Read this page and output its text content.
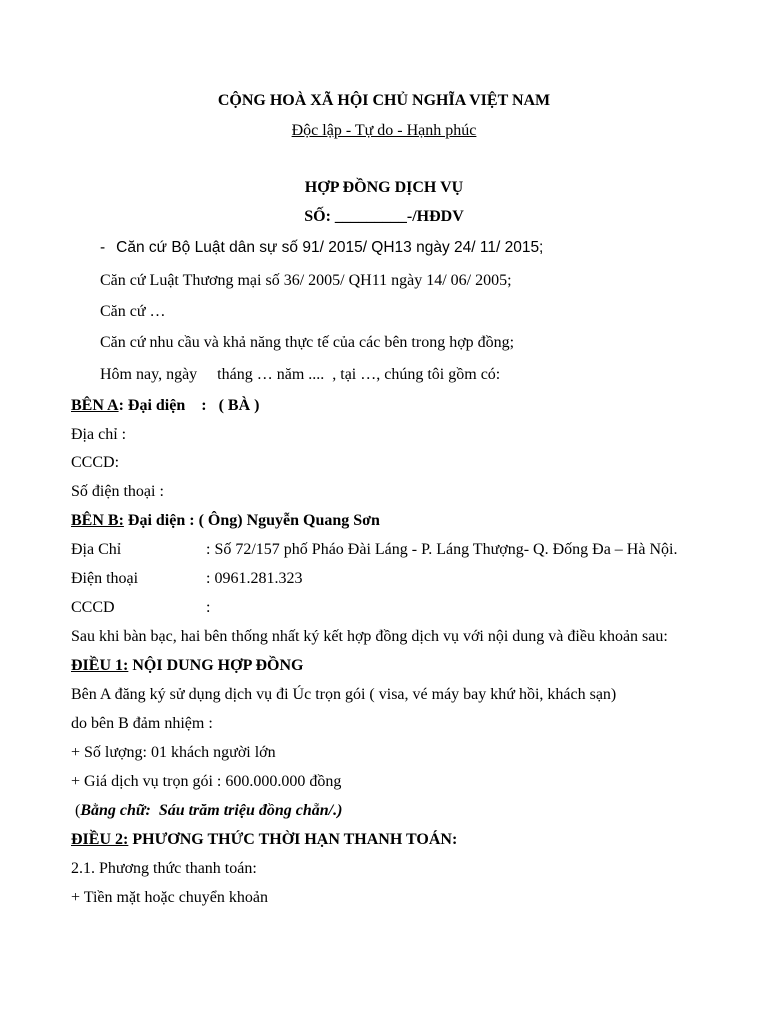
CỘNG HOÀ XÃ HỘI CHỦ NGHĨA VIỆT NAM
Độc lập - Tự do - Hạnh phúc
HỢP ĐỒNG DỊCH VỤ
SỐ: _________-/HĐDV
- Căn cứ Bộ Luật dân sự số 91/ 2015/ QH13 ngày 24/ 11/ 2015;
Căn cứ Luật Thương mại số 36/ 2005/ QH11 ngày 14/ 06/ 2005;
Căn cứ …
Căn cứ nhu cầu và khả năng thực tế của các bên trong hợp đồng;
Hôm nay, ngày     tháng … năm ....  , tại …, chúng tôi gồm có:
BÊN A: Đại diện    :   ( BÀ )
Địa chỉ :
CCCD:
Số điện thoại :
BÊN B: Đại diện : ( Ông) Nguyễn Quang Sơn
Địa Chỉ	: Số 72/157 phố Pháo Đài Láng - P. Láng Thượng- Q. Đống Đa – Hà Nội.
Điện thoại	: 0961.281.323
CCCD	:
Sau khi bàn bạc, hai bên thống nhất ký kết hợp đồng dịch vụ với nội dung và điều khoản sau:
ĐIỀU 1: NỘI DUNG HỢP ĐỒNG
Bên A đăng ký sử dụng dịch vụ đi Úc trọn gói ( visa, vé máy bay khứ hồi, khách sạn)
do bên B đảm nhiệm :
+ Số lượng: 01 khách người lớn
+ Giá dịch vụ trọn gói : 600.000.000 đồng
(Bằng chữ:  Sáu trăm triệu đồng chẵn/.)
ĐIỀU 2: PHƯƠNG THỨC THỜI HẠN THANH TOÁN:
2.1. Phương thức thanh toán:
+ Tiền mặt hoặc chuyển khoản
